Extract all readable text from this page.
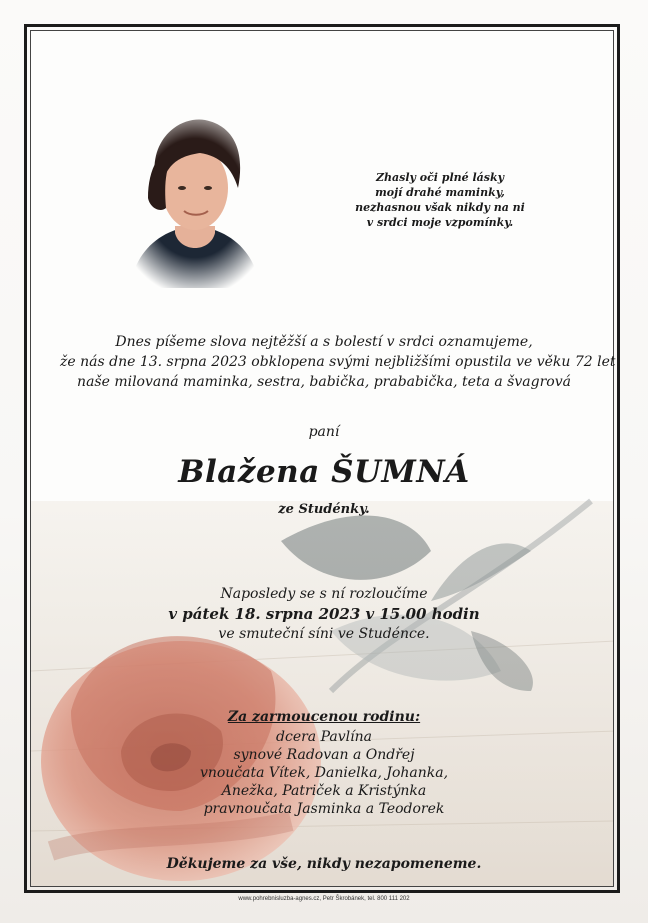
Zhasly oči plné lásky
mojí drahé maminky,
nezhasnou však nikdy na ni
v srdci moje vzpomínky.
Dnes píšeme slova nejtěžší a s bolestí v srdci oznamujeme,
že nás dne 13. srpna 2023 obklopena svými nejbližšími opustila ve věku 72 let
naše milovaná maminka, sestra, babička, prababička, teta a švagrová
paní
Blažena ŠUMNÁ
ze Studénky.
Naposledy se s ní rozloučíme
v pátek 18. srpna 2023 v 15.00 hodin
ve smuteční síni ve Studénce.
Za zarmoucenou rodinu:
dcera Pavlína
synové Radovan a Ondřej
vnoučata Vítek, Danielka, Johanka,
Anežka, Patriček a Kristýnka
pravnoučata Jasminka a Teodorek
Děkujeme za vše, nikdy nezapomeneme.
www.pohrebnisluzba-agnes.cz, Petr Škrobánek, tel. 800 111 202
